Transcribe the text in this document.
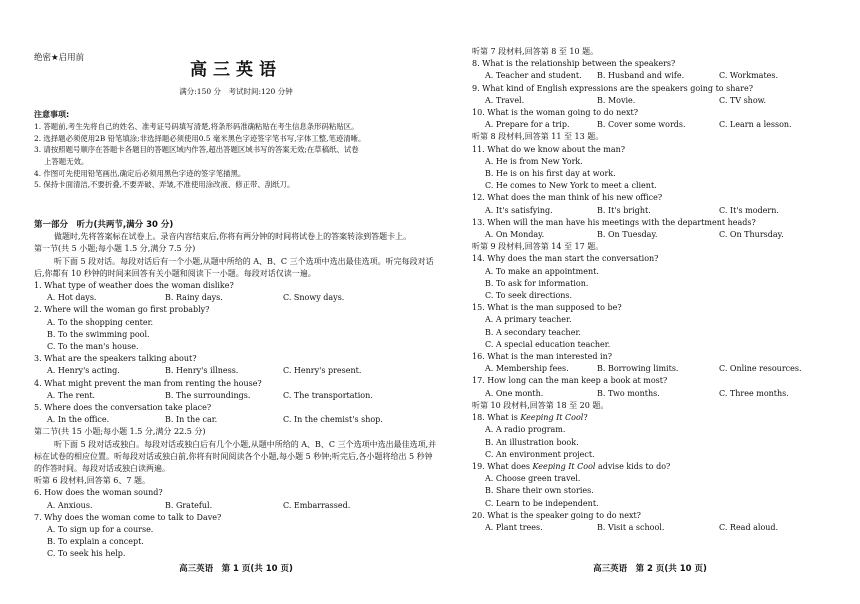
绝密★启用前
高三英语
满分:150 分　考试时间:120 分钟
注意事项:
1. 答题前,考生先将自己的姓名、准考证号码填写清楚,将条形码准确粘贴在考生信息条形码粘贴区。
2. 选择题必须使用2B 铅笔填涂;非选择题必须使用0.5 毫米黑色字迹签字笔书写,字体工整,笔迹清晰。
3. 请按照题号顺序在答题卡各题目的答题区域内作答,超出答题区域书写的答案无效;在草稿纸、试卷
上答题无效。
4. 作图可先使用铅笔画出,确定后必须用黑色字迹的签字笔描黑。
5. 保持卡面清洁,不要折叠,不要弄破、弄皱,不准使用涂改液、修正带、刮纸刀。
第一部分　听力(共两节,满分 30 分)
做题时,先将答案标在试卷上。录音内容结束后,你将有两分钟的时间将试卷上的答案转涂到答题卡上。
第一节(共 5 小题;每小题 1.5 分,满分 7.5 分)
听下面 5 段对话。每段对话后有一个小题,从题中所给的 A、B、C 三个选项中选出最佳选项。听完每段对话后,你都有 10 秒钟的时间来回答有关小题和阅读下一小题。每段对话仅读一遍。
1. What type of weather does the woman dislike?
A. Hot days.	B. Rainy days.	C. Snowy days.
2. Where will the woman go first probably?
A. To the shopping center.
B. To the swimming pool.
C. To the man's house.
3. What are the speakers talking about?
A. Henry's acting.	B. Henry's illness.	C. Henry's present.
4. What might prevent the man from renting the house?
A. The rent.	B. The surroundings.	C. The transportation.
5. Where does the conversation take place?
A. In the office.	B. In the car.	C. In the chemist's shop.
第二节(共 15 小题;每小题 1.5 分,满分 22.5 分)
听下面 5 段对话或独白。每段对话或独白后有几个小题,从题中所给的 A、B、C 三个选项中选出最佳选项,并标在试卷的相应位置。听每段对话或独白前,你将有时间阅读各个小题,每小题 5 秒钟;听完后,各小题将给出 5 秒钟的作答时间。每段对话或独白读两遍。
听第 6 段材料,回答第 6、7 题。
6. How does the woman sound?
A. Anxious.	B. Grateful.	C. Embarrassed.
7. Why does the woman come to talk to Dave?
A. To sign up for a course.
B. To explain a concept.
C. To seek his help.
高三英语　第 1 页(共 10 页)
听第 7 段材料,回答第 8 至 10 题。
8. What is the relationship between the speakers?
A. Teacher and student.	B. Husband and wife.	C. Workmates.
9. What kind of English expressions are the speakers going to share?
A. Travel.	B. Movie.	C. TV show.
10. What is the woman going to do next?
A. Prepare for a trip.	B. Cover some words.	C. Learn a lesson.
听第 8 段材料,回答第 11 至 13 题。
11. What do we know about the man?
A. He is from New York.
B. He is on his first day at work.
C. He comes to New York to meet a client.
12. What does the man think of his new office?
A. It's satisfying.	B. It's bright.	C. It's modern.
13. When will the man have his meetings with the department heads?
A. On Monday.	B. On Tuesday.	C. On Thursday.
听第 9 段材料,回答第 14 至 17 题。
14. Why does the man start the conversation?
A. To make an appointment.
B. To ask for information.
C. To seek directions.
15. What is the man supposed to be?
A. A primary teacher.
B. A secondary teacher.
C. A special education teacher.
16. What is the man interested in?
A. Membership fees.	B. Borrowing limits.	C. Online resources.
17. How long can the man keep a book at most?
A. One month.	B. Two months.	C. Three months.
听第 10 段材料,回答第 18 至 20 题。
18. What is Keeping It Cool?
A. A radio program.
B. An illustration book.
C. An environment project.
19. What does Keeping It Cool advise kids to do?
A. Choose green travel.
B. Share their own stories.
C. Learn to be independent.
20. What is the speaker going to do next?
A. Plant trees.	B. Visit a school.	C. Read aloud.
高三英语　第 2 页(共 10 页)
